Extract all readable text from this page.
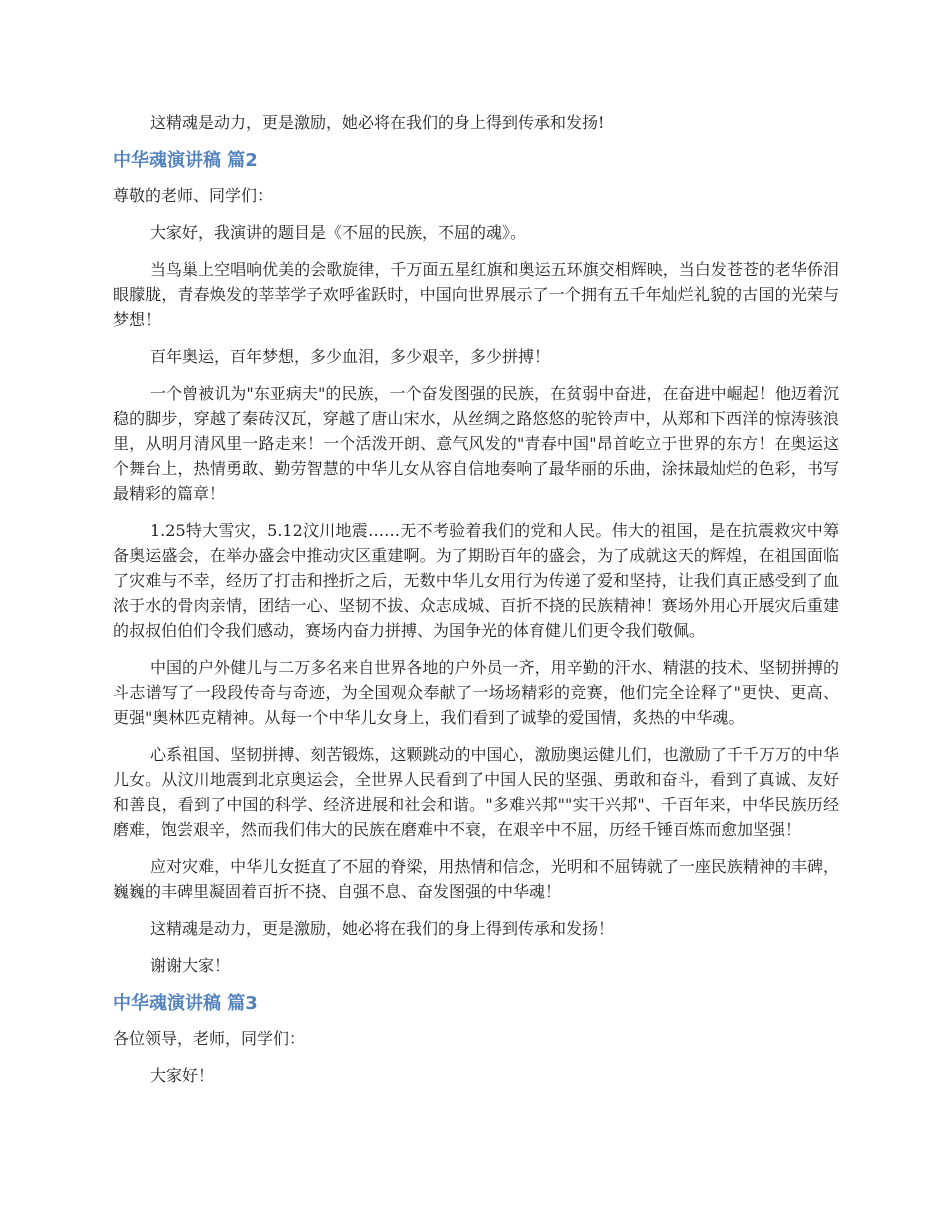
这精魂是动力，更是激励，她必将在我们的身上得到传承和发扬!

中华魂演讲稿 篇2

尊敬的老师、同学们：

大家好，我演讲的题目是《不屈的民族，不屈的魂》。

当鸟巢上空唱响优美的会歌旋律，千万面五星红旗和奥运五环旗交相辉映，当白发苍苍的老华侨泪眼朦胧，青春焕发的莘莘学子欢呼雀跃时，中国向世界展示了一个拥有五千年灿烂礼貌的古国的光荣与梦想！

百年奥运，百年梦想，多少血泪，多少艰辛，多少拼搏！

一个曾被讥为"东亚病夫"的民族，一个奋发图强的民族，在贫弱中奋进，在奋进中崛起！他迈着沉稳的脚步，穿越了秦砖汉瓦，穿越了唐山宋水，从丝绸之路悠悠的驼铃声中，从郑和下西洋的惊涛骇浪里，从明月清风里一路走来！一个活泼开朗、意气风发的"青春中国"昂首屹立于世界的东方！在奥运这个舞台上，热情勇敢、勤劳智慧的中华儿女从容自信地奏响了最华丽的乐曲，涂抹最灿烂的色彩，书写最精彩的篇章！

1.25特大雪灾，5.12汶川地震……无不考验着我们的党和人民。伟大的祖国，是在抗震救灾中筹备奥运盛会，在举办盛会中推动灾区重建啊。为了期盼百年的盛会，为了成就这天的辉煌，在祖国面临了灾难与不幸，经历了打击和挫折之后，无数中华儿女用行为传递了爱和坚持，让我们真正感受到了血浓于水的骨肉亲情，团结一心、坚韧不拔、众志成城、百折不挠的民族精神！赛场外用心开展灾后重建的叔叔伯伯们令我们感动，赛场内奋力拼搏、为国争光的体育健儿们更令我们敬佩。

中国的户外健儿与二万多名来自世界各地的户外员一齐，用辛勤的汗水、精湛的技术、坚韧拼搏的斗志谱写了一段段传奇与奇迹，为全国观众奉献了一场场精彩的竞赛，他们完全诠释了"更快、更高、更强"奥林匹克精神。从每一个中华儿女身上，我们看到了诚挚的爱国情，炙热的中华魂。

心系祖国、坚韧拼搏、刻苦锻炼，这颗跳动的中国心，激励奥运健儿们，也激励了千千万万的中华儿女。从汶川地震到北京奥运会，全世界人民看到了中国人民的坚强、勇敢和奋斗，看到了真诚、友好和善良，看到了中国的科学、经济进展和社会和谐。"多难兴邦""实干兴邦"、千百年来，中华民族历经磨难，饱尝艰辛，然而我们伟大的民族在磨难中不衰，在艰辛中不屈，历经千锤百炼而愈加坚强！

应对灾难，中华儿女挺直了不屈的脊梁，用热情和信念，光明和不屈铸就了一座民族精神的丰碑，巍巍的丰碑里凝固着百折不挠、自强不息、奋发图强的中华魂！

这精魂是动力，更是激励，她必将在我们的身上得到传承和发扬！

谢谢大家！

中华魂演讲稿 篇3

各位领导，老师，同学们：

大家好！
